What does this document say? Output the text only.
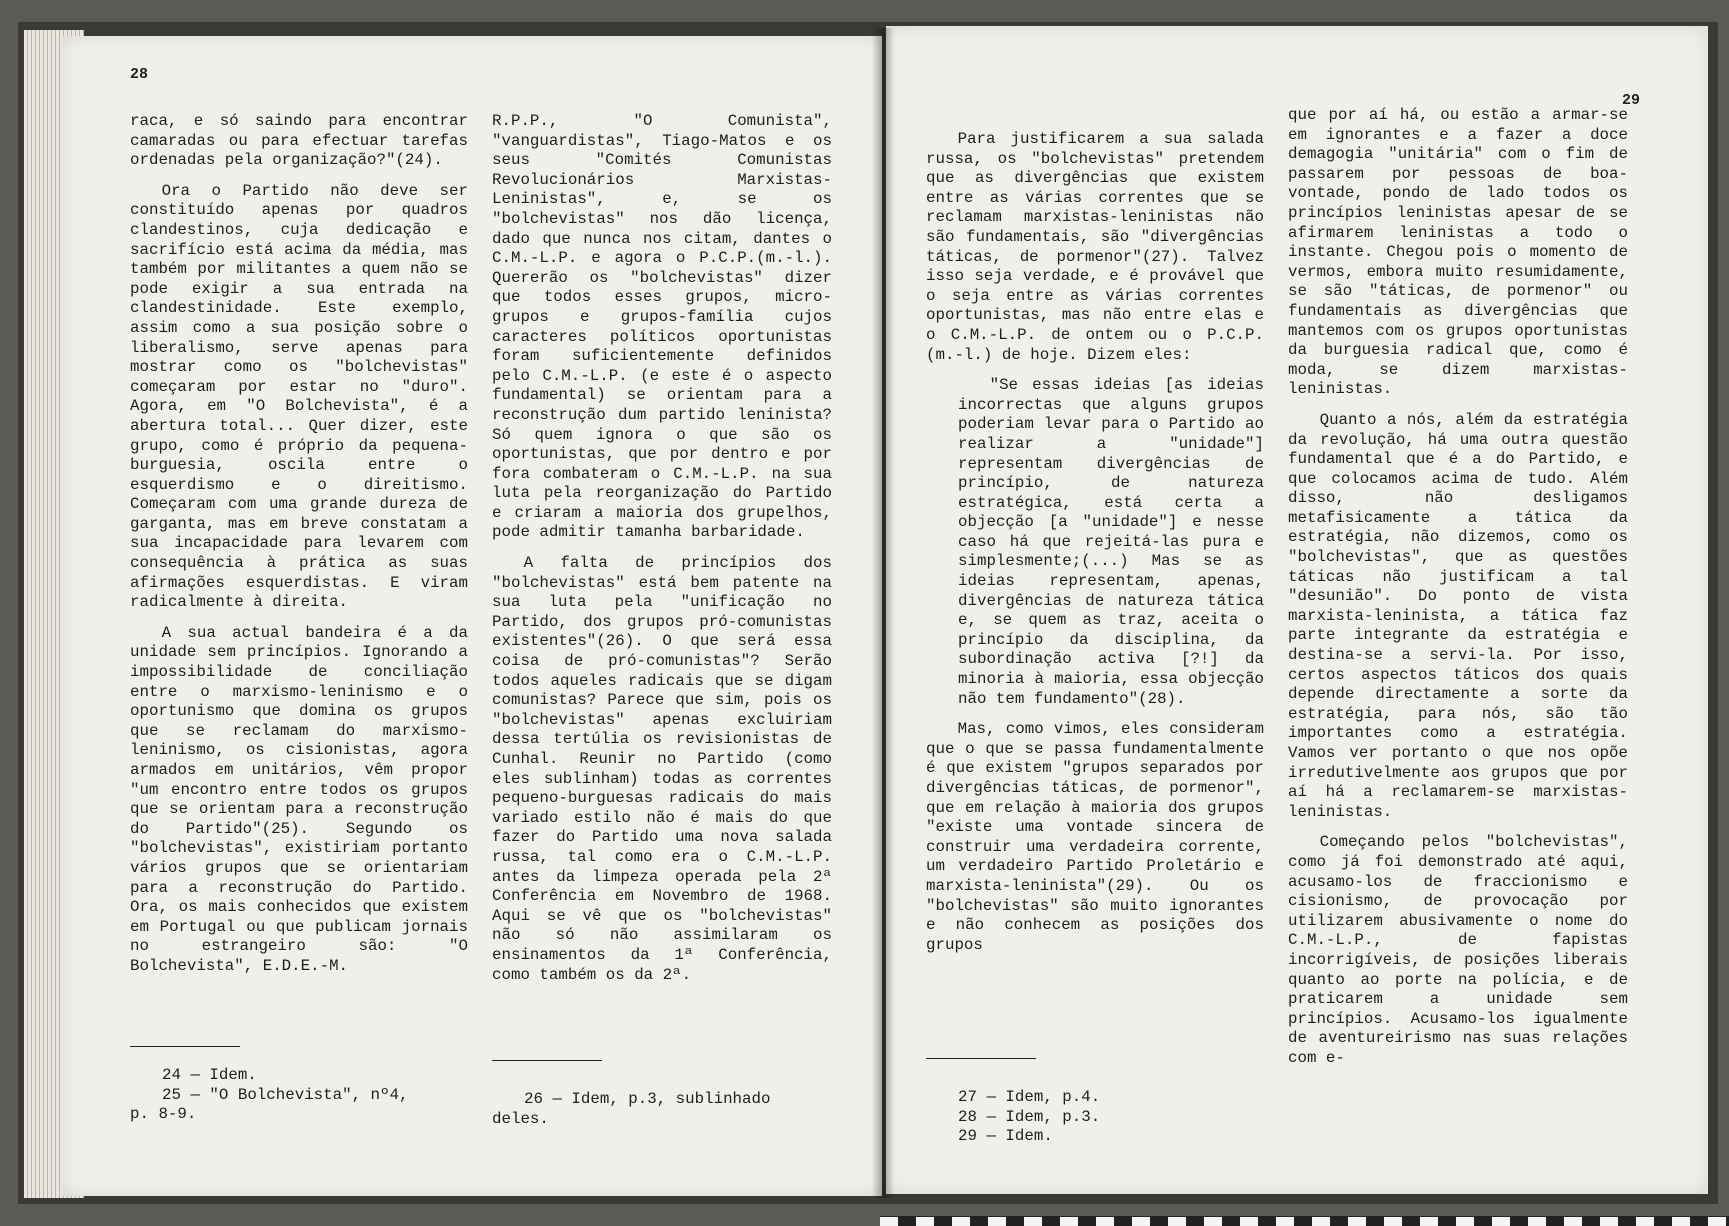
28

raca, e só saindo para encontrar camaradas ou para efectuar tarefas ordenadas pela organização?"(24).

Ora o Partido não deve ser constituído apenas por quadros clandestinos, cuja dedicação e sacrifício está acima da média, mas também por militantes a quem não se pode exigir a sua entrada na clandestinidade. Este exemplo, assim como a sua posição sobre o liberalismo, serve apenas para mostrar como os "bolchevistas" começaram por estar no "duro". Agora, em "O Bolchevista", é a abertura total... Quer dizer, este grupo, como é próprio da pequena-burguesia, oscila entre o esquerdismo e o direitismo. Começaram com uma grande dureza de garganta, mas em breve constatam a sua incapacidade para levarem com consequência à prática as suas afirmações esquerdistas. E viram radicalmente à direita.

A sua actual bandeira é a da unidade sem princípios. Ignorando a impossibilidade de conciliação entre o marxismo-leninismo e o oportunismo que domina os grupos que se reclamam do marxismo-leninismo, os cisionistas, agora armados em unitários, vêm propor "um encontro entre todos os grupos que se orientam para a reconstrução do Partido"(25). Segundo os "bolchevistas", existiriam portanto vários grupos que se orientariam para a reconstrução do Partido. Ora, os mais conhecidos que existem em Portugal ou que publicam jornais no estrangeiro são: "O Bolchevista", E.D.E.-M.

R.P.P., "O Comunista", "vanguardistas", Tiago-Matos e os seus "Comités Comunistas Revolucionários Marxistas-Leninistas", e, se os "bolchevistas" nos dão licença, dado que nunca nos citam, dantes o C.M.-L.P. e agora o P.C.P.(m.-l.). Quererão os "bolchevistas" dizer que todos esses grupos, micro-grupos e grupos-família cujos caracteres políticos oportunistas foram suficientemente definidos pelo C.M.-L.P. (e este é o aspecto fundamental) se orientam para a reconstrução dum partido leninista? Só quem ignora o que são os oportunistas, que por dentro e por fora combateram o C.M.-L.P. na sua luta pela reorganização do Partido e criaram a maioria dos grupelhos, pode admitir tamanha barbaridade.

A falta de princípios dos "bolchevistas" está bem patente na sua luta pela "unificação no Partido, dos grupos pró-comunistas existentes"(26). O que será essa coisa de pró-comunistas"? Serão todos aqueles radicais que se digam comunistas? Parece que sim, pois os "bolchevistas" apenas excluiriam dessa tertúlia os revisionistas de Cunhal. Reunir no Partido (como eles sublinham) todas as correntes pequeno-burguesas radicais do mais variado estilo não é mais do que fazer do Partido uma nova salada russa, tal como era o C.M.-L.P. antes da limpeza operada pela 2ª Conferência em Novembro de 1968. Aqui se vê que os "bolchevistas" não só não assimilaram os ensinamentos da 1ª Conferência, como também os da 2ª.

24 — Idem.
25 — "O Bolchevista", nº4,
p. 8-9.
26 — Idem, p.3, sublinhado
deles.
29

Para justificarem a sua salada russa, os "bolchevistas" pretendem que as divergências que existem entre as várias correntes que se reclamam marxistas-leninistas não são fundamentais, são "divergências táticas, de pormenor"(27). Talvez isso seja verdade, e é provável que o seja entre as várias correntes oportunistas, mas não entre elas e o C.M.-L.P. de ontem ou o P.C.P.(m.-l.) de hoje. Dizem eles:

"Se essas ideias [as ideias incorrectas que alguns grupos poderiam levar para o Partido ao realizar a "unidade"] representam divergências de princípio, de natureza estratégica, está certa a objecção [a "unidade"] e nesse caso há que rejeitá-las pura e simplesmente;(...) Mas se as ideias representam, apenas, divergências de natureza tática e, se quem as traz, aceita o princípio da disciplina, da subordinação activa [?!] da minoria à maioria, essa objecção não tem fundamento"(28).

Mas, como vimos, eles consideram que o que se passa fundamentalmente é que existem "grupos separados por divergências táticas, de pormenor", que em relação à maioria dos grupos "existe uma vontade sincera de construir uma verdadeira corrente, um verdadeiro Partido Proletário e marxista-leninista"(29). Ou os "bolchevistas" são muito ignorantes e não conhecem as posições dos grupos

que por aí há, ou estão a armar-se em ignorantes e a fazer a doce demagogia "unitária" com o fim de passarem por pessoas de boa-vontade, pondo de lado todos os princípios leninistas apesar de se afirmarem leninistas a todo o instante. Chegou pois o momento de vermos, embora muito resumidamente, se são "táticas, de pormenor" ou fundamentais as divergências que mantemos com os grupos oportunistas da burguesia radical que, como é moda, se dizem marxistas-leninistas.

Quanto a nós, além da estratégia da revolução, há uma outra questão fundamental que é a do Partido, e que colocamos acima de tudo. Além disso, não desligamos metafisicamente a tática da estratégia, não dizemos, como os "bolchevistas", que as questões táticas não justificam a tal "desunião". Do ponto de vista marxista-leninista, a tática faz parte integrante da estratégia e destina-se a servi-la. Por isso, certos aspectos táticos dos quais depende directamente a sorte da estratégia, para nós, são tão importantes como a estratégia. Vamos ver portanto o que nos opõe irredutivelmente aos grupos que por aí há a reclamarem-se marxistas-leninistas.

Começando pelos "bolchevistas", como já foi demonstrado até aqui, acusamo-los de fraccionismo e cisionismo, de provocação por utilizarem abusivamente o nome do C.M.-L.P., de fapistas incorrigíveis, de posições liberais quanto ao porte na polícia, e de praticarem a unidade sem princípios. Acusamo-los igualmente de aventureirismo nas suas relações com e-

27 — Idem, p.4.
28 — Idem, p.3.
29 — Idem.
